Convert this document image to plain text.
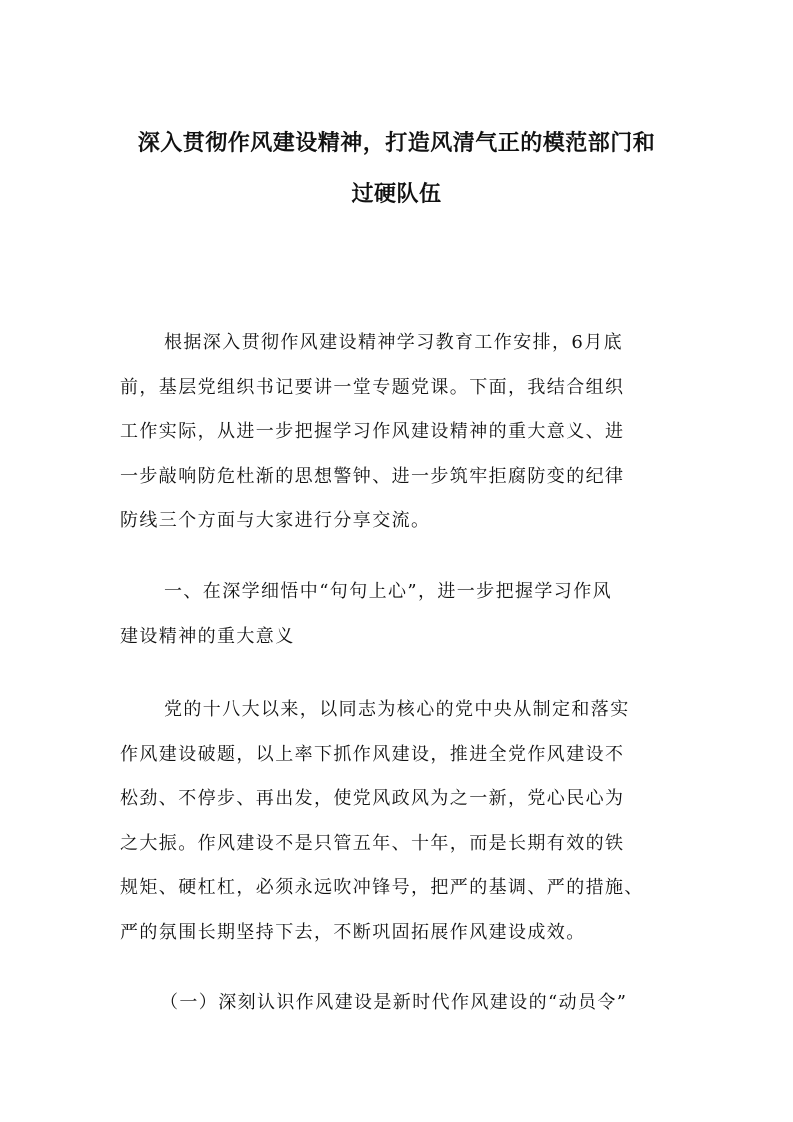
深入贯彻作风建设精神，打造风清气正的模范部门和
过硬队伍
根据深入贯彻作风建设精神学习教育工作安排，6月底
前，基层党组织书记要讲一堂专题党课。下面，我结合组织
工作实际，从进一步把握学习作风建设精神的重大意义、进
一步敲响防危杜渐的思想警钟、进一步筑牢拒腐防变的纪律
防线三个方面与大家进行分享交流。
一、在深学细悟中“句句上心”，进一步把握学习作风
建设精神的重大意义
党的十八大以来，以同志为核心的党中央从制定和落实
作风建设破题，以上率下抓作风建设，推进全党作风建设不
松劲、不停步、再出发，使党风政风为之一新，党心民心为
之大振。作风建设不是只管五年、十年，而是长期有效的铁
规矩、硬杠杠，必须永远吹冲锋号，把严的基调、严的措施、
严的氛围长期坚持下去，不断巩固拓展作风建设成效。
（一）深刻认识作风建设是新时代作风建设的“动员令”
